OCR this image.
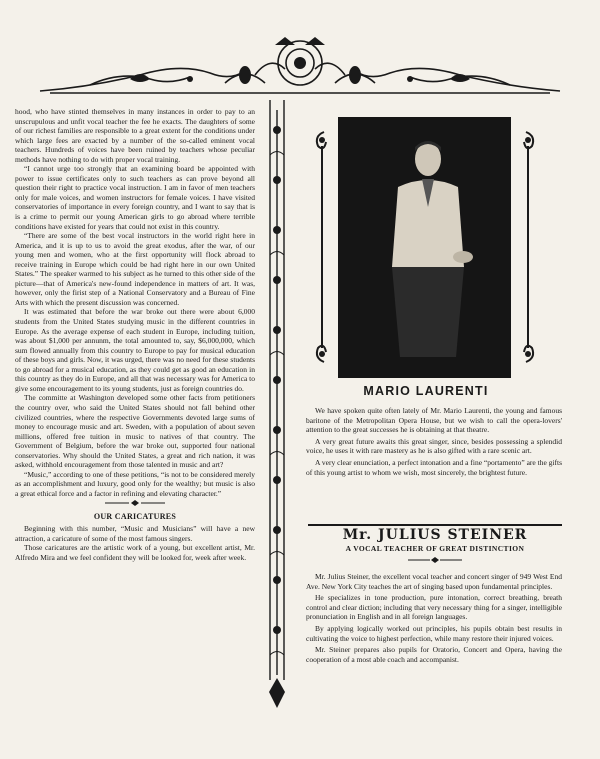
hood, who have stinted themselves in many instances in order to pay to an unscrupulous and unfit vocal teacher the fee he exacts. The daughters of some of our richest families are responsible to a great extent for the conditions under which large fees are exacted by a number of the so-called eminent vocal teachers. Hundreds of voices have been ruined by teachers whose peculiar methods have nothing to do with proper vocal training.

“I cannot urge too strongly that an examining board be appointed with power to issue certificates only to such teachers as can prove beyond all question their right to practice vocal instruction. I am in favor of men teachers only for male voices, and women instructors for female voices. I have visited conservatories of importance in every foreign country, and I want to say that is is a crime to permit our young American girls to go abroad where terrible conditions have existed for years that could not exist in this country.

“There are some of the best vocal instructors in the world right here in America, and it is up to us to avoid the great exodus, after the war, of our young men and women, who at the first opportunity will flock abroad to receive training in Europe which could be had right here in our own United States.” The speaker warmed to his subject as he turned to this other side of the picture—that of America's new-found independence in matters of art. It was, however, only the firist step of a National Conservatory and a Bureau of Fine Arts with which the present discussion was concerned.

It was estimated that before the war broke out there were about 6,000 students from the United States studying music in the different countries in Europe. As the average expense of each student in Europe, including tuition, was about $1,000 per annunm, the total amounted to, say, $6,000,000, which sum flowed annually from this country to Europe to pay for musical education of these boys and girls. Now, it was urged, there was no need for these students to go abroad for a musical education, as they could get as good an education in this country as they do in Europe, and all that was necessary was for America to give some encouragement to its young students, just as foreign countries do.

The committe at Washington developed some other facts from petitioners the country over, who said the United States should not fall behind other civilized countries, where the respective Governments devoted large sums of money to encourage music and art. Sweden, with a population of about seven millions, offered free tuition in music to natives of that country. The Government of Belgium, before the war broke out, supported four national conservatories. Why should the United States, a great and rich nation, it was asked, withhold encouragement from those talented in music and art?

“Music,” according to one of these petitions, “is not to be considered merely as an accomplishment and luxury, good only for the wealthy; but music is also a great ethical force and a factor in refining and elevating character.”

OUR CARICATURES

Beginning with this number, “Music and Musicians” will have a new attraction, a caricature of some of the most famous singers.

Those caricatures are the artistic work of a young, but excellent artist, Mr. Alfredo Mira and we feel confident they will be looked for, week after week.

MARIO LAURENTI

We have spoken quite often lately of Mr. Mario Laurenti, the young and famous baritone of the Metropolitan Opera House, but we wish to call the opera-lovers' attention to the great successes he is obtaining at that theatre.

A very great future awaits this great singer, since, besides possessing a splendid voice, he uses it with rare mastery as he is also gifted with a rare scenic art.

A very clear enunciation, a perfect intonation and a fine “portamento” are the gifts of this young artist to whom we wish, most sincerely, the brightest future.

Mr. JULIUS STEINER
A VOCAL TEACHER OF GREAT DISTINCTION

Mr. Julius Steiner, the excellent vocal teacher and concert singer of 949 West End Ave. New York City teaches the art of singing based upon fundamental principles.

He specializes in tone production, pure intonation, correct breathing, breath control and clear diction; including that very necessary thing for a singer, intelligible pronunciation in English and in all foreign languages.

By applying logically worked out principles, his pupils obtain best results in cultivating the voice to highest perfection, while many restore their injured voices.

Mr. Steiner prepares also pupils for Oratorio, Concert and Opera, having the cooperation of a most able coach and accompanist.
